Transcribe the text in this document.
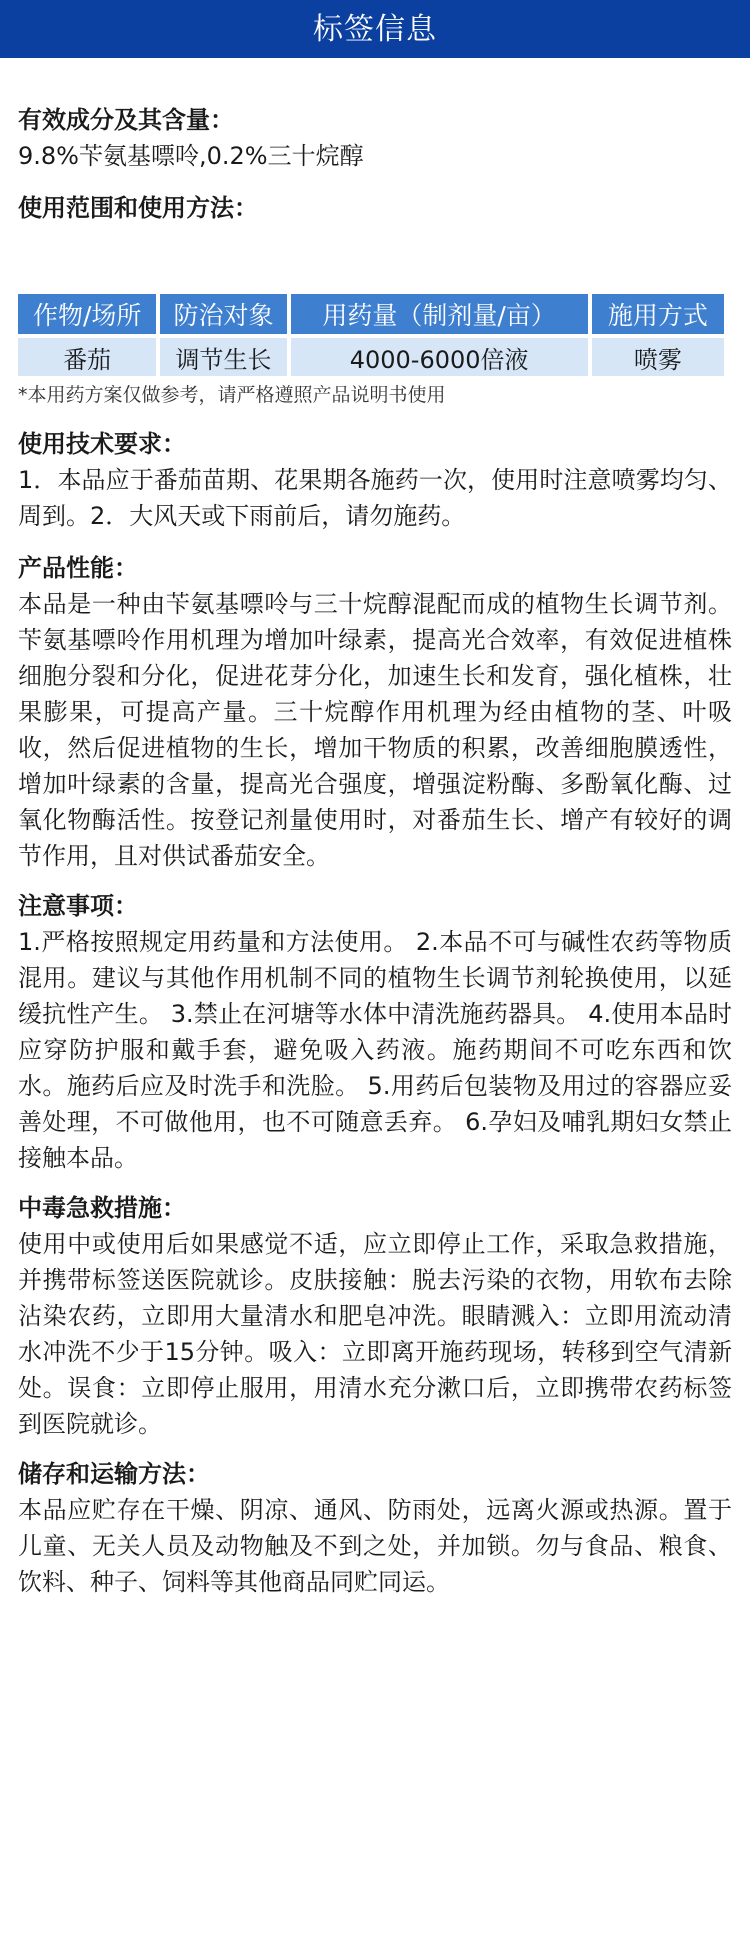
标签信息
有效成分及其含量：

9.8%苄氨基嘌呤,0.2%三十烷醇

使用范围和使用方法：
作物/场所	防治对象	用药量（制剂量/亩）	施用方式
番茄	调节生长	4000-6000倍液	喷雾

*本用药方案仅做参考，请严格遵照产品说明书使用

使用技术要求：

1．本品应于番茄苗期、花果期各施药一次，使用时注意喷雾均匀、周到。2．大风天或下雨前后，请勿施药。

产品性能：

本品是一种由苄氨基嘌呤与三十烷醇混配而成的植物生长调节剂。苄氨基嘌呤作用机理为增加叶绿素，提高光合效率，有效促进植株细胞分裂和分化，促进花芽分化，加速生长和发育，强化植株，壮果膨果，可提高产量。三十烷醇作用机理为经由植物的茎、叶吸收，然后促进植物的生长，增加干物质的积累，改善细胞膜透性，增加叶绿素的含量，提高光合强度，增强淀粉酶、多酚氧化酶、过氧化物酶活性。按登记剂量使用时，对番茄生长、增产有较好的调节作用，且对供试番茄安全。

注意事项：

1.严格按照规定用药量和方法使用。 2.本品不可与碱性农药等物质混用。建议与其他作用机制不同的植物生长调节剂轮换使用，以延缓抗性产生。 3.禁止在河塘等水体中清洗施药器具。 4.使用本品时应穿防护服和戴手套，避免吸入药液。施药期间不可吃东西和饮水。施药后应及时洗手和洗脸。 5.用药后包装物及用过的容器应妥善处理，不可做他用，也不可随意丢弃。 6.孕妇及哺乳期妇女禁止接触本品。

中毒急救措施：

使用中或使用后如果感觉不适，应立即停止工作，采取急救措施，并携带标签送医院就诊。皮肤接触：脱去污染的衣物，用软布去除沾染农药，立即用大量清水和肥皂冲洗。眼睛溅入：立即用流动清水冲洗不少于15分钟。吸入：立即离开施药现场，转移到空气清新处。误食：立即停止服用，用清水充分漱口后，立即携带农药标签到医院就诊。

储存和运输方法：

本品应贮存在干燥、阴凉、通风、防雨处，远离火源或热源。置于儿童、无关人员及动物触及不到之处，并加锁。勿与食品、粮食、饮料、种子、饲料等其他商品同贮同运。
